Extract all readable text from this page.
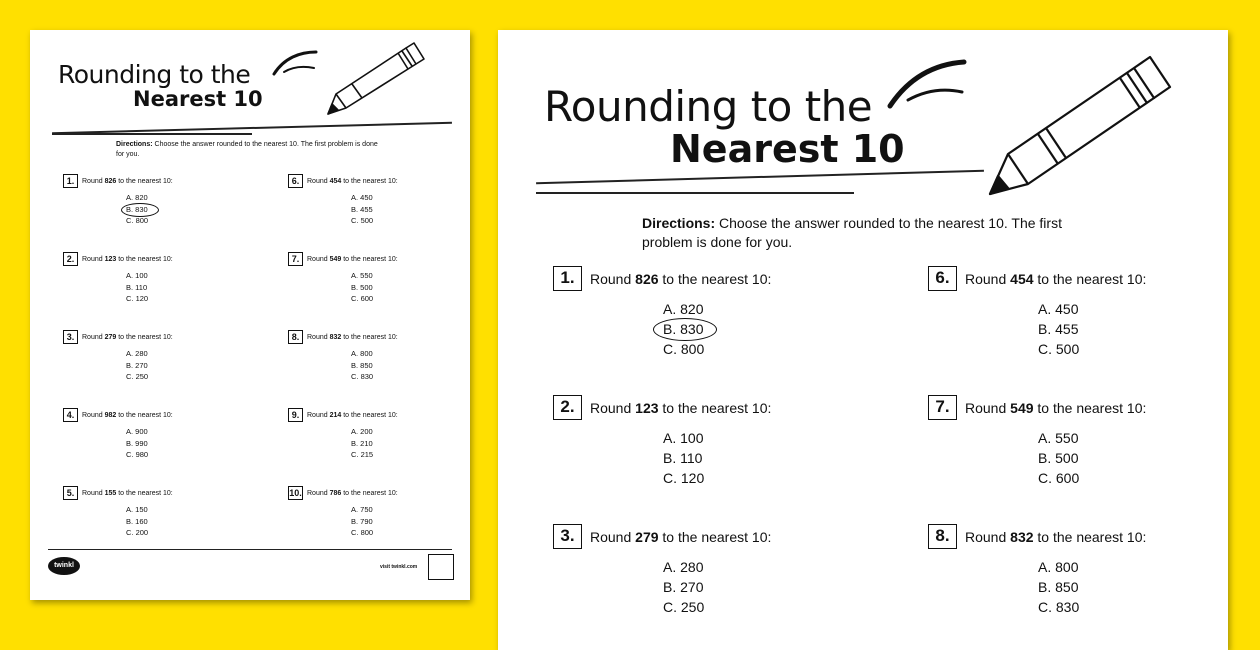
Rounding to the
Nearest 10
Directions: Choose the answer rounded to the nearest 10. The first problem is done for you.
1.	Round
826
to the nearest 10:
A. 820
B. 830
C. 800
2.	Round
123
to the nearest 10:
A. 100
B. 110
C. 120
3.	Round
279
to the nearest 10:
A. 280
B. 270
C. 250
4.	Round
982
to the nearest 10:
A. 900
B. 990
C. 980
5.	Round
155
to the nearest 10:
A. 150
B. 160
C. 200
6.	Round
454
to the nearest 10:
A. 450
B. 455
C. 500
7.	Round
549
to the nearest 10:
A. 550
B. 500
C. 600
8.	Round
832
to the nearest 10:
A. 800
B. 850
C. 830
9.	Round
214
to the nearest 10:
A. 200
B. 210
C. 215
10. Round
786
to the nearest 10:
A. 750
B. 790
C. 800
twinkl	visit twinkl.com
Rounding to the
Nearest 10
Directions: Choose the answer rounded to the nearest 10. The first problem is done for you.
1.	Round
826
to the nearest 10:
A. 820
B. 830
C. 800
2.	Round
123
to the nearest 10:
A. 100
B. 110
C. 120
3.	Round
279
to the nearest 10:
A. 280
B. 270
C. 250
6.	Round
454
to the nearest 10:
A. 450
B. 455
C. 500
7.	Round
549
to the nearest 10:
A. 550
B. 500
C. 600
8.	Round
832
to the nearest 10:
A. 800
B. 850
C. 830
